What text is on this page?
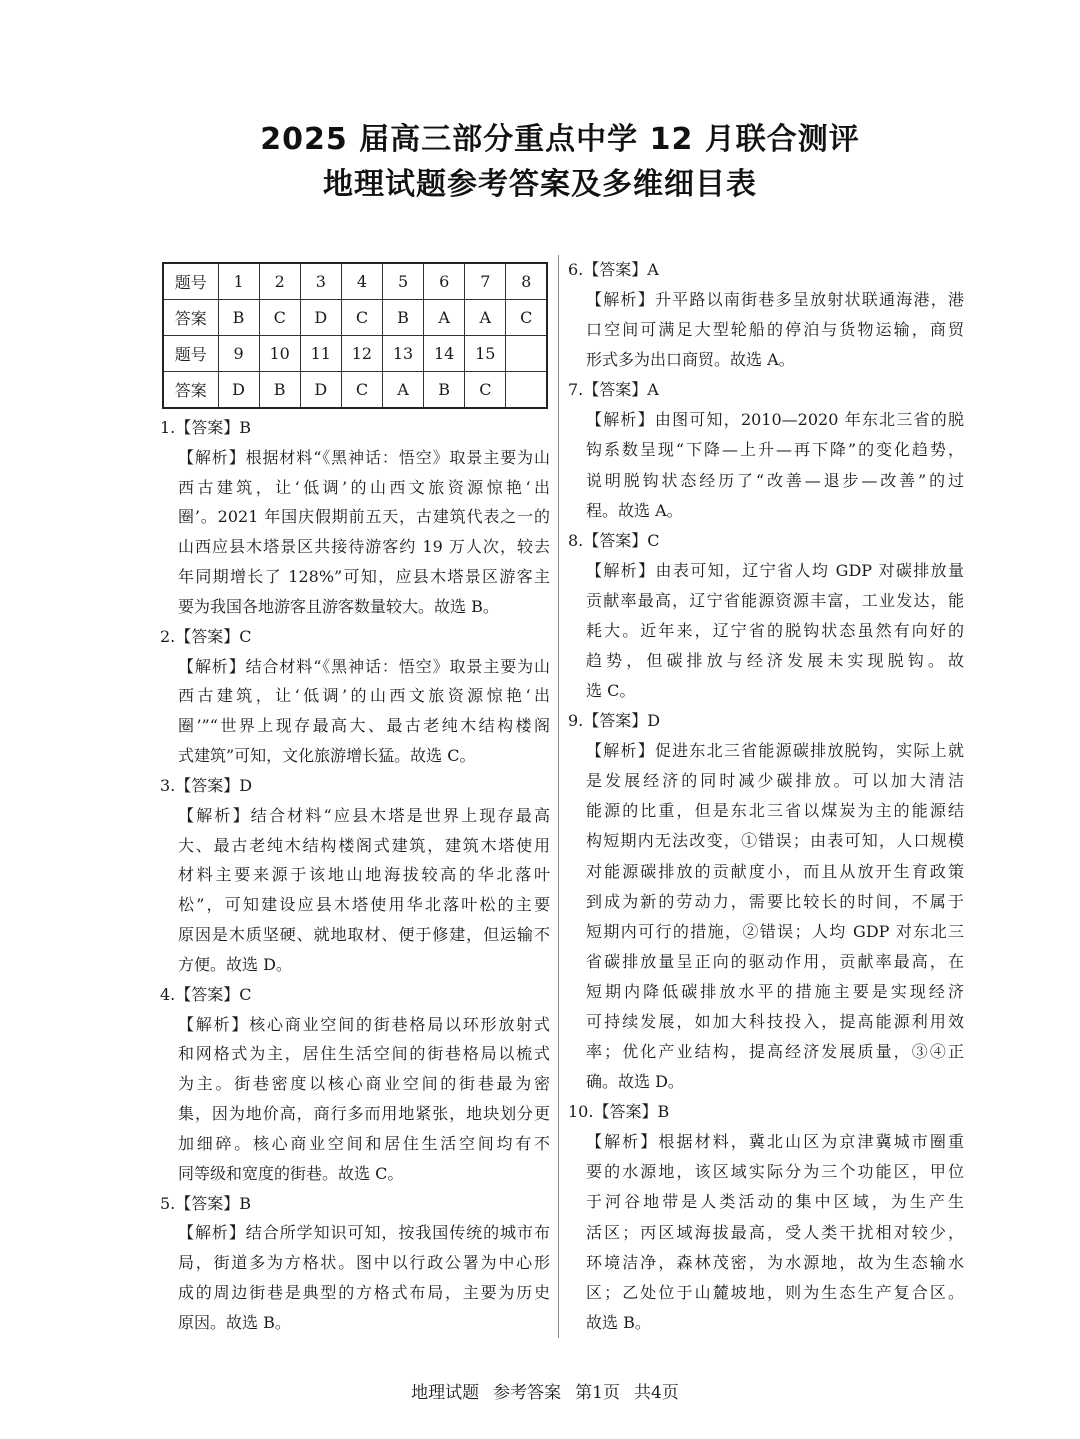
2025 届高三部分重点中学 12 月联合测评
地理试题参考答案及多维细目表
题号	1	2	3	4	5	6	7	8
答案	B	C	D	C	B	A	A	C
题号	9	10	11	12	13	14	15	
答案	D	B	D	C	A	B	C	
1.【答案】B
【解析】根据材料“《黑神话：悟空》取景主要为山
西古建筑，让‘低调’的山西文旅资源惊艳‘出
圈’。2021 年国庆假期前五天，古建筑代表之一的
山西应县木塔景区共接待游客约 19 万人次，较去
年同期增长了 128%”可知，应县木塔景区游客主
要为我国各地游客且游客数量较大。故选 B。
2.【答案】C
【解析】结合材料“《黑神话：悟空》取景主要为山
西古建筑，让‘低调’的山西文旅资源惊艳‘出
圈’”“世界上现存最高大、最古老纯木结构楼阁
式建筑”可知，文化旅游增长猛。故选 C。
3.【答案】D
【解析】结合材料“应县木塔是世界上现存最高
大、最古老纯木结构楼阁式建筑，建筑木塔使用
材料主要来源于该地山地海拔较高的华北落叶
松”，可知建设应县木塔使用华北落叶松的主要
原因是木质坚硬、就地取材、便于修建，但运输不
方便。故选 D。
4.【答案】C
【解析】核心商业空间的街巷格局以环形放射式
和网格式为主，居住生活空间的街巷格局以梳式
为主。街巷密度以核心商业空间的街巷最为密
集，因为地价高，商行多而用地紧张，地块划分更
加细碎。核心商业空间和居住生活空间均有不
同等级和宽度的街巷。故选 C。
5.【答案】B
【解析】结合所学知识可知，按我国传统的城市布
局，街道多为方格状。图中以行政公署为中心形
成的周边街巷是典型的方格式布局，主要为历史
原因。故选 B。
6.【答案】A
【解析】升平路以南街巷多呈放射状联通海港，港
口空间可满足大型轮船的停泊与货物运输，商贸
形式多为出口商贸。故选 A。
7.【答案】A
【解析】由图可知，2010—2020 年东北三省的脱
钩系数呈现“下降—上升—再下降”的变化趋势，
说明脱钩状态经历了“改善—退步—改善”的过
程。故选 A。
8.【答案】C
【解析】由表可知，辽宁省人均 GDP 对碳排放量
贡献率最高，辽宁省能源资源丰富，工业发达，能
耗大。近年来，辽宁省的脱钩状态虽然有向好的
趋势，但碳排放与经济发展未实现脱钩。故
选 C。
9.【答案】D
【解析】促进东北三省能源碳排放脱钩，实际上就
是发展经济的同时减少碳排放。可以加大清洁
能源的比重，但是东北三省以煤炭为主的能源结
构短期内无法改变，①错误；由表可知，人口规模
对能源碳排放的贡献度小，而且从放开生育政策
到成为新的劳动力，需要比较长的时间，不属于
短期内可行的措施，②错误；人均 GDP 对东北三
省碳排放量呈正向的驱动作用，贡献率最高，在
短期内降低碳排放水平的措施主要是实现经济
可持续发展，如加大科技投入，提高能源利用效
率；优化产业结构，提高经济发展质量，③④正
确。故选 D。
10.【答案】B
【解析】根据材料，冀北山区为京津冀城市圈重
要的水源地，该区域实际分为三个功能区，甲位
于河谷地带是人类活动的集中区域，为生产生
活区；丙区域海拔最高，受人类干扰相对较少，
环境洁净，森林茂密，为水源地，故为生态输水
区；乙处位于山麓坡地，则为生态生产复合区。
故选 B。
地理试题 参考答案 第1页 共4页
